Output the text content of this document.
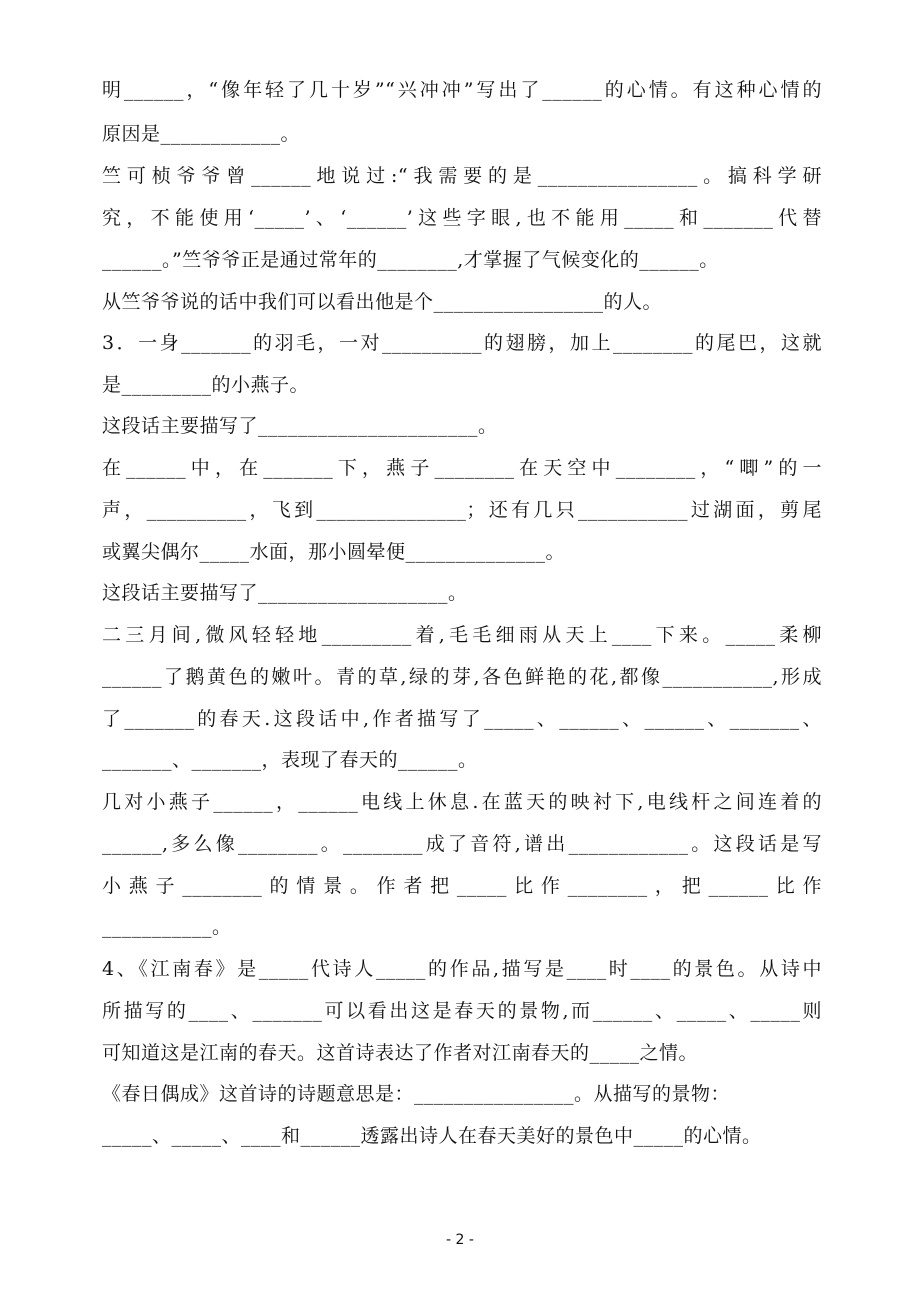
明______，“像年轻了几十岁”“兴冲冲”写出了______的心情。有这种心情的
原因是____________。
竺可桢爷爷曾______地说过:“我需要的是________________。搞科学研
究，不能使用‘_____’、‘______’这些字眼,也不能用_____和_______代替
______。”竺爷爷正是通过常年的________,才掌握了气候变化的______。
从竺爷爷说的话中我们可以看出他是个_________________的人。
3．一身_______的羽毛，一对__________的翅膀，加上________的尾巴，这就
是_________的小燕子。
这段话主要描写了______________________。
在______中，在_______下，燕子________在天空中________，“唧”的一
声，__________，飞到_______________；还有几只___________过湖面，剪尾
或翼尖偶尔_____水面，那小圆晕便______________。
这段话主要描写了___________________。
二三月间,微风轻轻地_________着,毛毛细雨从天上____下来。_____柔柳
______了鹅黄色的嫩叶。青的草,绿的芽,各色鲜艳的花,都像___________,形成
了_______的春天.这段话中,作者描写了_____、______、______、_______、
_______、_______，表现了春天的______。
几对小燕子______，______电线上休息.在蓝天的映衬下,电线杆之间连着的
______,多么像________。________成了音符,谱出____________。这段话是写
小燕子________的情景。作者把_____比作________，把______比作
___________。
4、《江南春》是_____代诗人_____的作品,描写是____时____的景色。从诗中
所描写的____、_______可以看出这是春天的景物,而______、_____、_____则
可知道这是江南的春天。这首诗表达了作者对江南春天的_____之情。
《春日偶成》这首诗的诗题意思是：________________。从描写的景物：
_____、_____、____和______透露出诗人在春天美好的景色中_____的心情。
- 2 -
